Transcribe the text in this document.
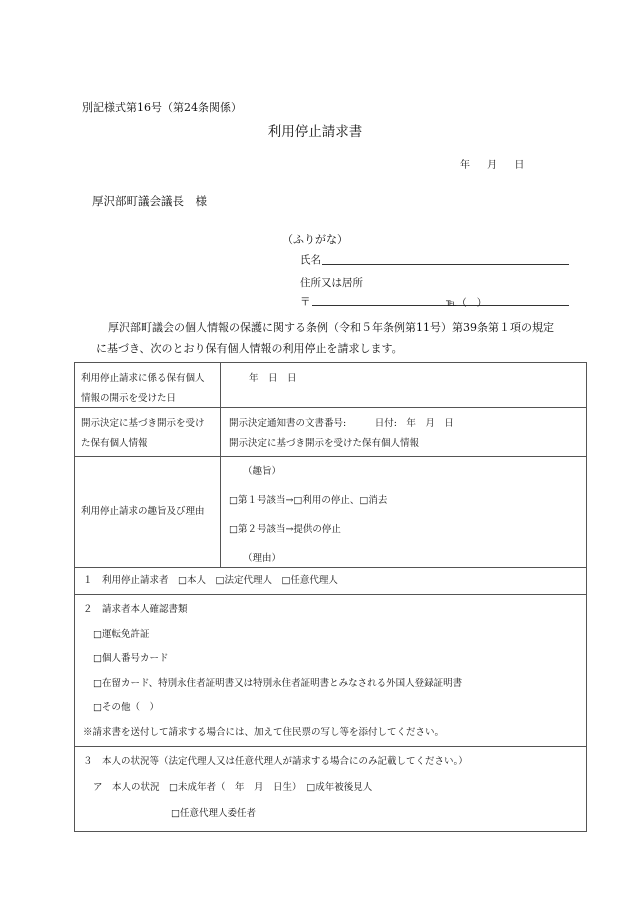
別記様式第16号（第24条関係）
利用停止請求書
年 月 日
厚沢部町議会議長　様
（ふりがな）
氏名
住所又は居所
〒	℡（　）
厚沢部町議会の個人情報の保護に関する条例（令和５年条例第11号）第39条第１項の規定
に基づき、次のとおり保有個人情報の利用停止を請求します。
利用停止請求に係る保有個人
情報の開示を受けた日
年　日　日
開示決定に基づき開示を受け
た保有個人情報
開示決定通知書の文書番号:　　　日付:　年　月　日
開示決定に基づき開示を受けた保有個人情報
利用停止請求の趣旨及び理由
（趣旨）
□第１号該当→□利用の停止、□消去
□第２号該当→提供の停止
（理由）
１　利用停止請求者　□本人　□法定代理人　□任意代理人
２　請求者本人確認書類
□運転免許証
□個人番号カード
□在留カード、特別永住者証明書又は特別永住者証明書とみなされる外国人登録証明書
□その他（　）
※請求書を送付して請求する場合には、加えて住民票の写し等を添付してください。
３　本人の状況等（法定代理人又は任意代理人が請求する場合にのみ記載してください。）
ア　本人の状況　□未成年者（　年　月　日生）　□成年被後見人
□任意代理人委任者
